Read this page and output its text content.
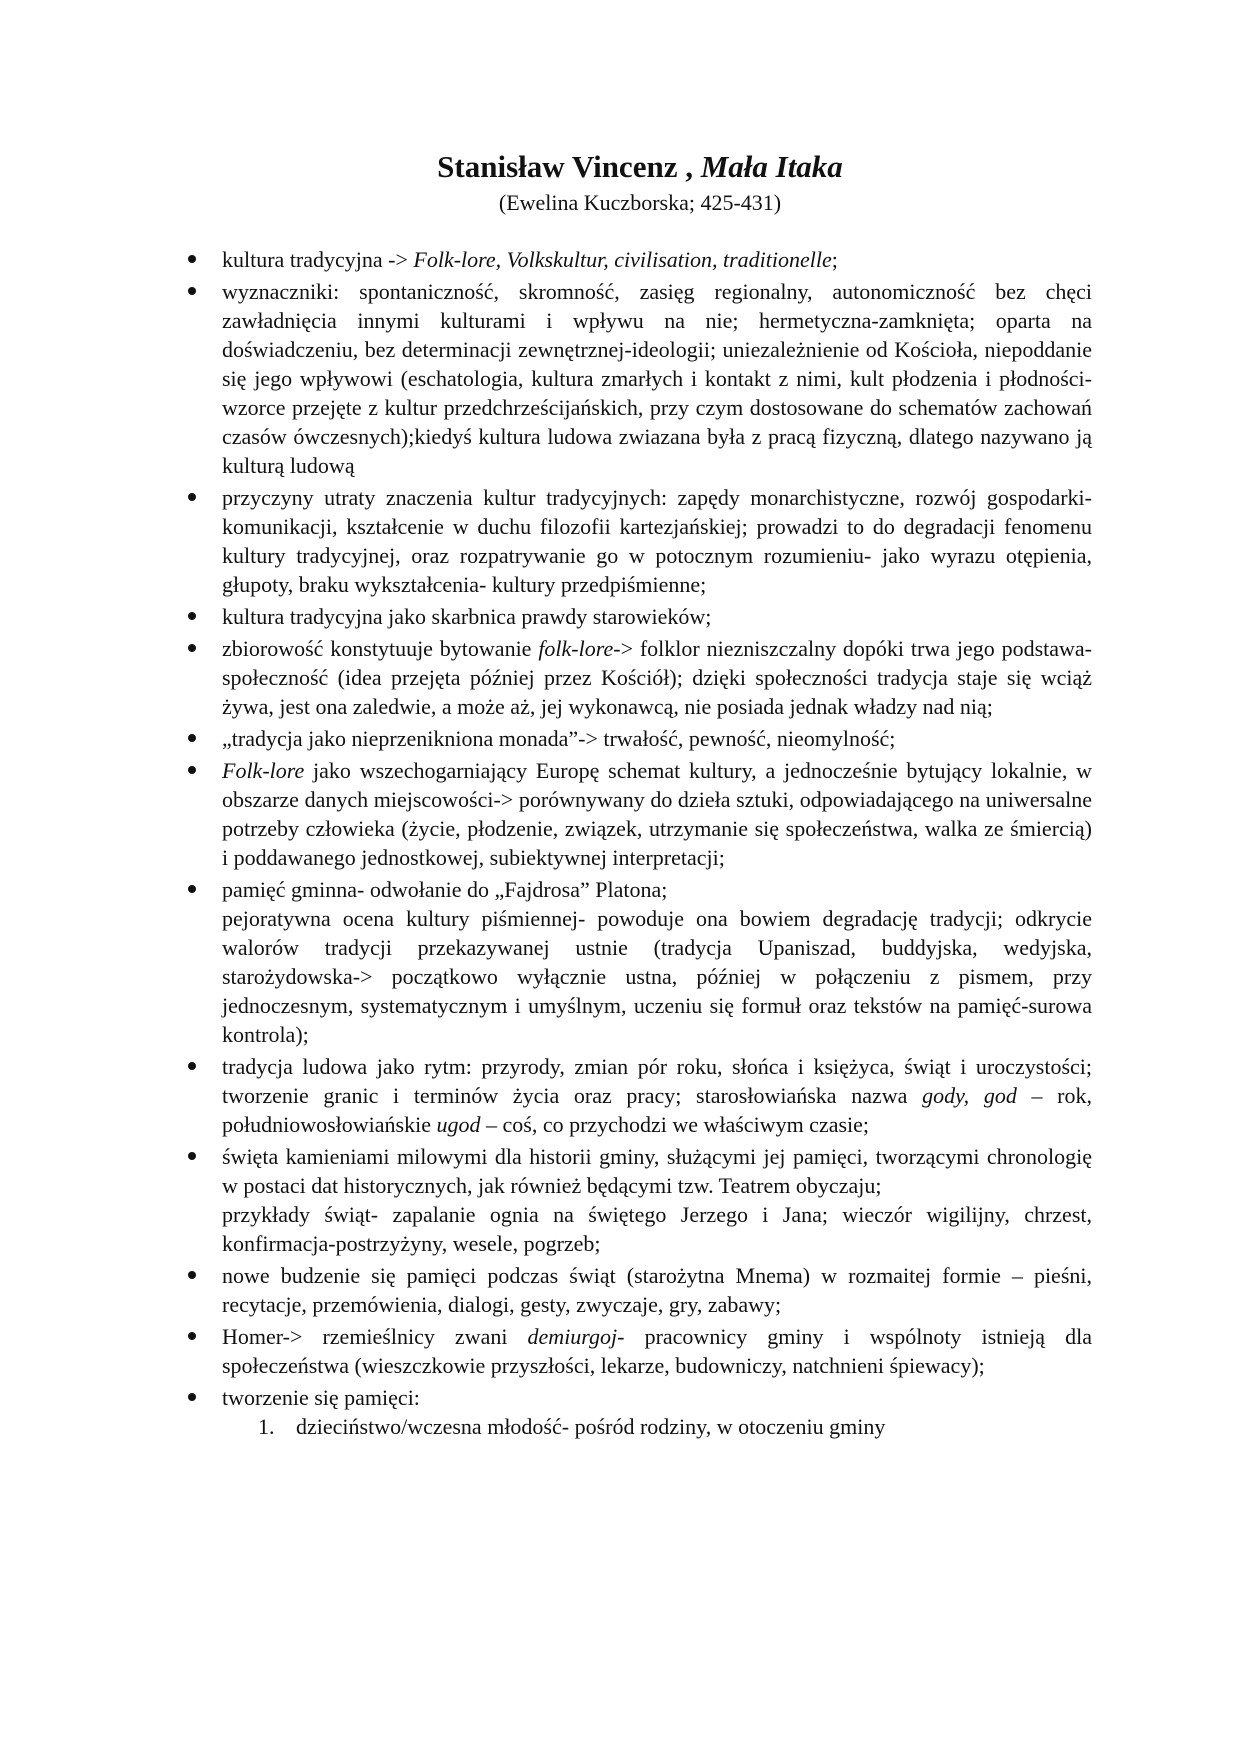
Stanisław Vincenz , Mała Itaka

(Ewelina Kuczborska; 425-431)

kultura tradycyjna -> Folk-lore, Volkskultur, civilisation, traditionelle;

wyznaczniki: spontaniczność, skromność, zasięg regionalny, autonomiczność bez chęci zawładnięcia innymi kulturami i wpływu na nie; hermetyczna-zamknięta; oparta na doświadczeniu, bez determinacji zewnętrznej-ideologii; uniezależnienie od Kościoła, niepoddanie się jego wpływowi (eschatologia, kultura zmarłych i kontakt z nimi, kult płodzenia i płodności- wzorce przejęte z kultur przedchrześcijańskich, przy czym dostosowane do schematów zachowań czasów ówczesnych);kiedyś kultura ludowa zwiazana była z pracą fizyczną, dlatego nazywano ją kulturą ludową

przyczyny utraty znaczenia kultur tradycyjnych: zapędy monarchistyczne, rozwój gospodarki- komunikacji, kształcenie w duchu filozofii kartezjańskiej; prowadzi to do degradacji fenomenu kultury tradycyjnej, oraz rozpatrywanie go w potocznym rozumieniu- jako wyrazu otępienia, głupoty, braku wykształcenia- kultury przedpiśmienne;

kultura tradycyjna jako skarbnica prawdy starowieków;

zbiorowość konstytuuje bytowanie folk-lore-> folklor niezniszczalny dopóki trwa jego podstawa- społeczność (idea przejęta później przez Kościół); dzięki społeczności tradycja staje się wciąż żywa, jest ona zaledwie, a może aż, jej wykonawcą, nie posiada jednak władzy nad nią;

„tradycja jako nieprzeniknіona monada”-> trwałość, pewność, nieomylność;

Folk-lore jako wszechogarniający Europę schemat kultury, a jednocześnie bytujący lokalnie, w obszarze danych miejscowości-> porównywany do dzieła sztuki, odpowiadającego na uniwersalne potrzeby człowieka (życie, płodzenie, związek, utrzymanie się społeczeństwa, walka ze śmiercią) i poddawanego jednostkowej, subiektywnej interpretacji;

pamięć gminna- odwołanie do „Fajdrosa” Platona;

pejoratywna ocena kultury piśmiennej- powoduje ona bowiem degradację tradycji; odkrycie walorów tradycji przekazywanej ustnie (tradycja Upaniszad, buddyjska, wedyjska, starożydowska-> początkowo wyłącznie ustna, później w połączeniu z pismem, przy jednoczesnym, systematycznym i umyślnym, uczeniu się formuł oraz tekstów na pamięć-surowa kontrola);

tradycja ludowa jako rytm: przyrody, zmian pór roku, słońca i księżyca, świąt i uroczystości; tworzenie granic i terminów życia oraz pracy; starosłowiańska nazwa gody, god – rok, południowosłowiańskie ugod – coś, co przychodzi we właściwym czasie;

święta kamieniami milowymi dla historii gminy, służącymi jej pamięci, tworzącymi chronologię w postaci dat historycznych, jak również będącymi tzw. Teatrem obyczaju;

przykłady świąt- zapalanie ognia na świętego Jerzego i Jana; wieczór wigilijny, chrzest, konfirmacja-postrzyżyny, wesele, pogrzeb;

nowe budzenie się pamięci podczas świąt (starożytna Mnema) w rozmaitej formie – pieśni, recytacje, przemówienia, dialogi, gesty, zwyczaje, gry, zabawy;

Homer-> rzemieślnicy zwani demiurgoj- pracownicy gminy i wspólnoty istnieją dla społeczeństwa (wieszczkowie przyszłości, lekarze, budowniczy, natchnieni śpiewacy);

tworzenie się pamięci:

1. dzieciństwo/wczesna młodość- pośród rodziny, w otoczeniu gminy
